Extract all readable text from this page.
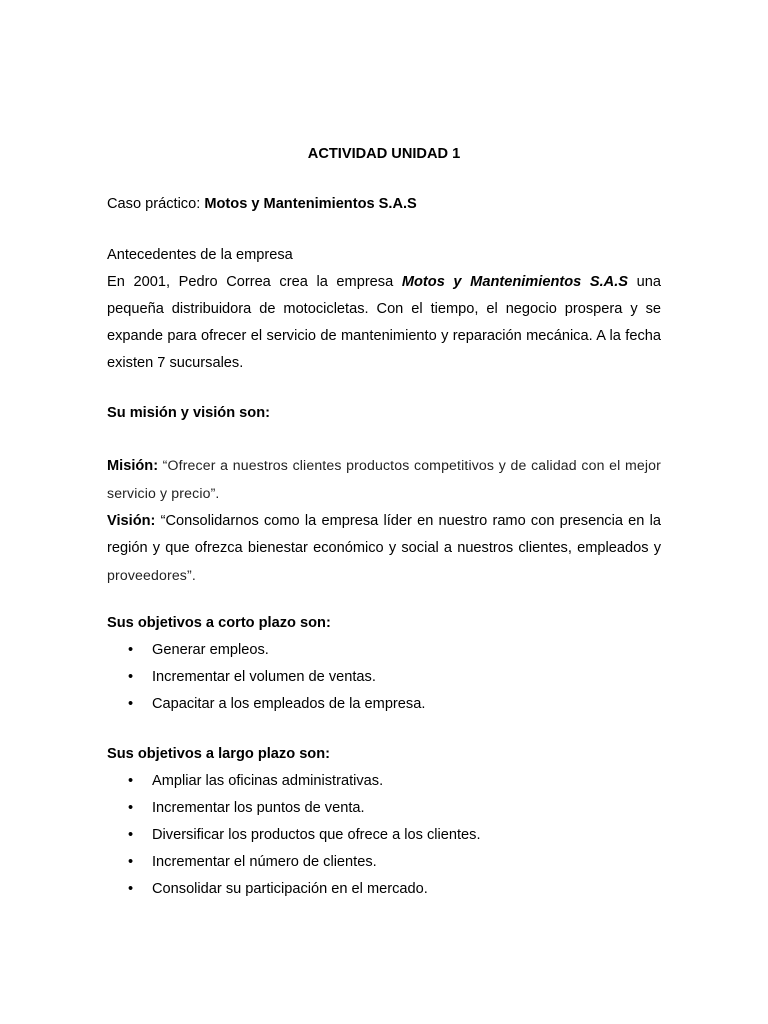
ACTIVIDAD UNIDAD 1

Caso práctico: Motos y Mantenimientos S.A.S

Antecedentes de la empresa

En 2001, Pedro Correa crea la empresa Motos y Mantenimientos S.A.S una pequeña distribuidora de motocicletas. Con el tiempo, el negocio prospera y se expande para ofrecer el servicio de mantenimiento y reparación mecánica. A la fecha existen 7 sucursales.

Su misión y visión son:

Misión: “Ofrecer a nuestros clientes productos competitivos y de calidad con el mejor servicio y precio”.

Visión: “Consolidarnos como la empresa líder en nuestro ramo con presencia en la región y que ofrezca bienestar económico y social a nuestros clientes, empleados y proveedores”.

Sus objetivos a corto plazo son:

• Generar empleos.
• Incrementar el volumen de ventas.
• Capacitar a los empleados de la empresa.

Sus objetivos a largo plazo son:

• Ampliar las oficinas administrativas.
• Incrementar los puntos de venta.
• Diversificar los productos que ofrece a los clientes.
• Incrementar el número de clientes.
• Consolidar su participación en el mercado.
